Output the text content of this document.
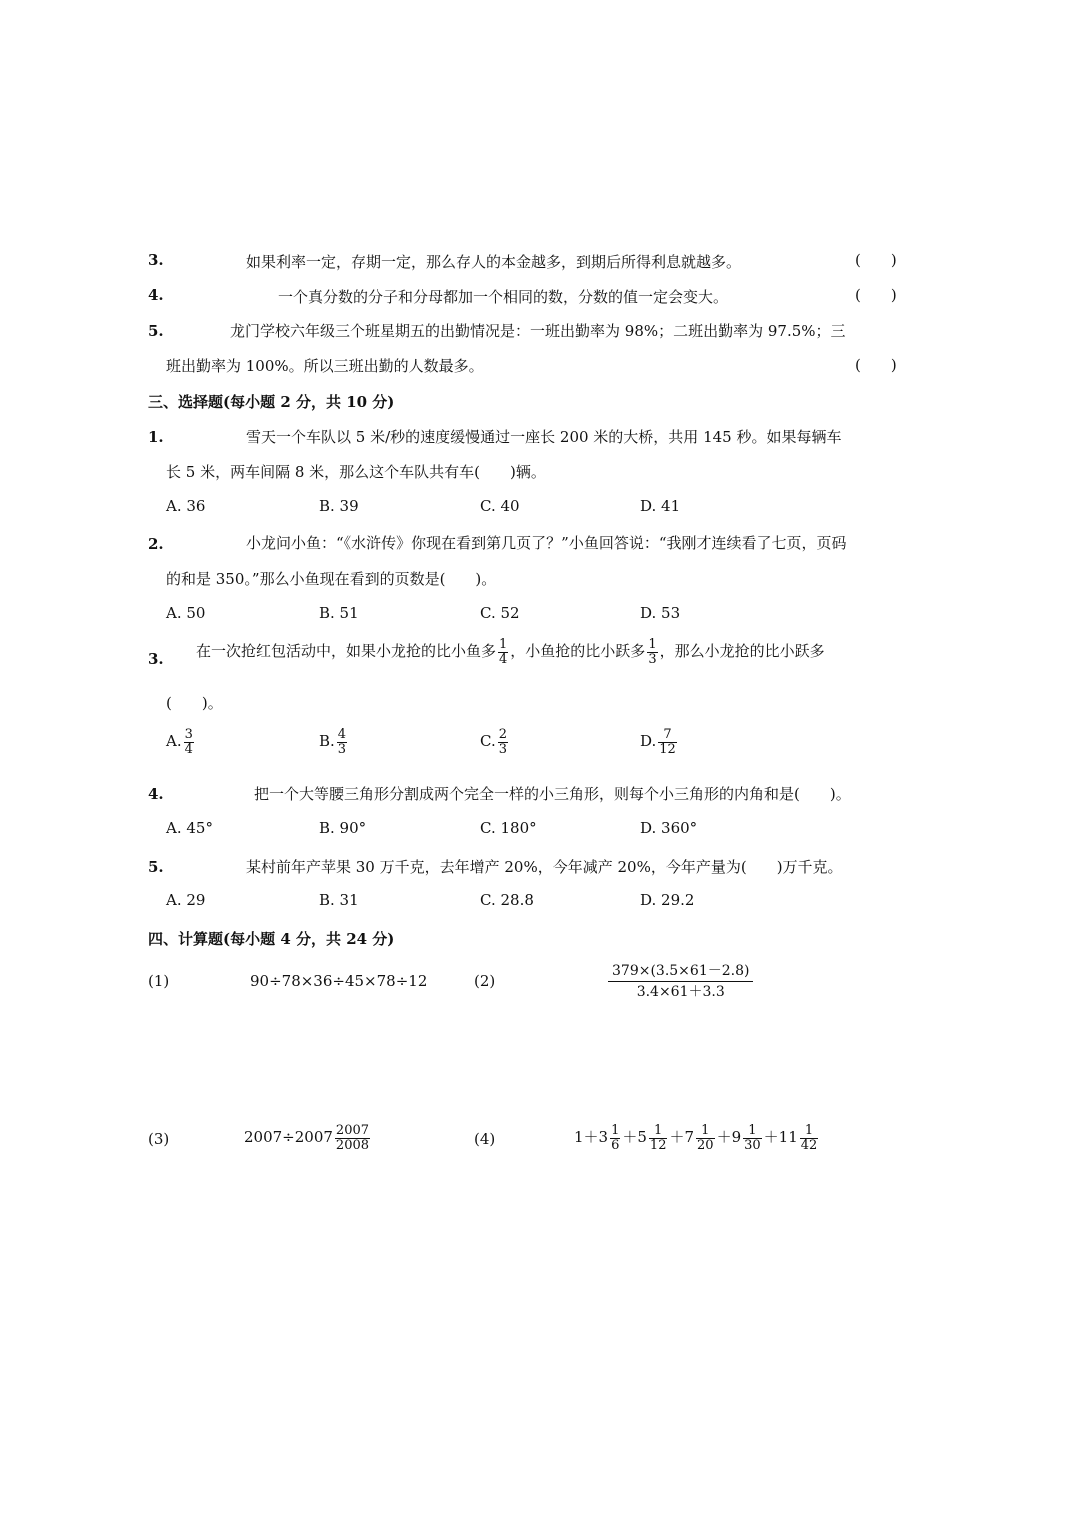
3.	如果利率一定，存期一定，那么存人的本金越多，到期后所得利息就越多。	(　　)
4.	一个真分数的分子和分母都加一个相同的数，分数的值一定会变大。	(　　)
5.	龙门学校六年级三个班星期五的出勤情况是：一班出勤率为 98%；二班出勤率为 97.5%；三
班出勤率为 100%。所以三班出勤的人数最多。	(　　)
三、选择题(每小题 2 分，共 10 分)
1.	雪天一个车队以 5 米/秒的速度缓慢通过一座长 200 米的大桥，共用 145 秒。如果每辆车
长 5 米，两车间隔 8 米，那么这个车队共有车(　　)辆。
A. 36	B. 39	C. 40	D. 41
2.	小龙问小鱼：“《水浒传》你现在看到第几页了？”小鱼回答说：“我刚才连续看了七页，页码
的和是 350。”那么小鱼现在看到的页数是(　　)。
A. 50	B. 51	C. 52	D. 53
3. 在一次抢红包活动中，如果小龙抢的比小鱼多 $\frac{1}{4}$ ，小鱼抢的比小跃多 $\frac{1}{3}$ ，那么小龙抢的比小跃多
(　　)。
A. $\frac{3}{4}$	B. $\frac{4}{3}$	C. $\frac{2}{3}$	D. $\frac{7}{12}$
4.	把一个大等腰三角形分割成两个完全一样的小三角形，则每个小三角形的内角和是(　　)。
A. 45°	B. 90°	C. 180°	D. 360°
5.	某村前年产苹果 30 万千克，去年增产 20%，今年减产 20%，今年产量为(　　)万千克。
A. 29	B. 31	C. 28.8	D. 29.2
四、计算题(每小题 4 分，共 24 分)
(1)	90÷78×36÷45×78÷12	(2)	$\frac{379\times(3.5\times 61-2.8)}{3.4\times 61+3.3}$
(3)	$2007\div 2007 \frac{2007}{2008}$	(4)	$1+3 \frac{1}{6} +5 \frac{1}{12} +7 \frac{1}{20} +9 \frac{1}{30} +11 \frac{1}{42}$
